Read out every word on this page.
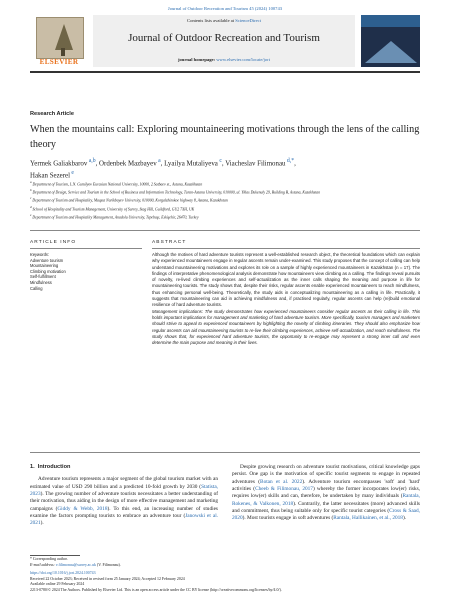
Journal of Outdoor Recreation and Tourism 45 (2024) 100743
ELSEVIER
Contents lists available at ScienceDirect
Journal of Outdoor Recreation and Tourism
journal homepage: www.elsevier.com/locate/jort
Research Article
When the mountains call: Exploring mountaineering motivations through the lens of the calling theory
Yermek Galiakbarov $^{a,b}$, Ordenbek Mazbayev $^a$, Lyailya Mutaliyeva $^c$, Viacheslav Filimonau $^{d,*}$,
Hakan Sezerel $^e$
$^a$ Department of Tourism, L.N. Gumilyov Eurasian National University, 10000, 2 Satbaev st., Astana, Kazakhstan
$^b$ Department of Design, Service and Tourism in the School of Business and Information Technology, Turan-Astana University, 010000, ul. Yklas Dukenuly 29, Building B, Astana, Kazakhstan
$^c$ Department of Tourism and Hospitality, Maqsut Narikbayev University, 010000, Korgalzhinskoe highway 8, Astana, Kazakhstan
$^d$ School of Hospitality and Tourism Management, University of Surrey, Stag Hill, Guildford, GU2 7XH, UK
$^e$ Department of Tourism and Hospitality Management, Anadolu University, Tepebaşı, Eskişehir, 26470, Turkey
ARTICLE INFO	ABSTRACT
Keywords:
Adventure tourism
Mountaineering
Climbing motivation
Self-fulfillment
Mindfulness
Calling

Although the motives of hard adventure tourists represent a well-established research object, the theoretical foundations which can explain why experienced mountaineers engage in regular ascents remain under-examined. This study proposes that the concept of calling can help understand mountaineering motivations and explores its role on a sample of highly experienced mountaineers in Kazakhstan (n = 17). The findings of interpretative phenomenological analysis demonstrate how mountaineers view climbing as a calling. The findings reveal pursuits of novelty, re-lived climbing experiences and self-actualization as the inner calls shaping the meaning and purpose in life for mountaineering tourists. The study shows that, despite their risks, regular ascents enable experienced mountaineers to reach mindfulness, thus enhancing personal well-being. Theoretically, the study aids in conceptualizing mountaineering as a calling in life. Practically, it suggests that mountaineering can aid in achieving mindfulness and, if practised regularly, regular ascents can help (re)build emotional resilience of hard adventure tourists.

Management implications: The study demonstrates how experienced mountaineers consider regular ascents as their calling in life. This holds important implications for management and marketing of hard adventure tourism. More specifically, tourism managers and marketers should strive to appeal to experienced mountaineers by highlighting the novelty of climbing itineraries. They should also emphasize how regular ascents can aid mountaineering tourists to re-live their climbing experiences, achieve self-actualization, and reach mindfulness. The study shows that, for experienced hard adventure tourists, the opportunity to re-engage may represent a strong inner call and even determine the main purpose and meaning in their lives.

1. Introduction

Adventure tourism represents a major segment of the global tourism market with an estimated value of USD 290 billion and a predicted 10-fold growth by 2030 (Statista, 2023). The growing number of adventure tourists necessitates a better understanding of their motivation, thus aiding in the design of more effective management and marketing campaigns (Giddy & Webb, 2018). To this end, an increasing number of studies examine the factors prompting tourists to embrace an adventure tour (Janowski et al. 2021).

Despite growing research on adventure tourist motivations, critical knowledge gaps persist. One gap is the motivation of specific tourist segments to engage in repeated adventures (Botan et al. 2022). Adventure tourism encompasses 'soft' and 'hard' activities (Cheeb & Filimonau, 2017) whereby the former incorporates low(er) risks, requires low(er) skills and can, therefore, be undertaken by many individuals (Rantala, Rokenes, & Valkonen, 2018). Contrarily, the latter necessitates (more) advanced skills and commitment, thus being suitable only for specific tourist categories (Cross & Saad, 2020). Most tourists engage in soft adventures (Rantala, Hallikainen, et al., 2018).

* Corresponding author.
E-mail address: v.filimonau@surrey.ac.uk (V. Filimonau).
https://doi.org/10.1016/j.jort.2024.100743
Received 22 October 2023; Received in revised form 25 January 2024; Accepted 12 February 2024
Available online 29 February 2024
2213-0780/© 2024 The Authors. Published by Elsevier Ltd. This is an open access article under the CC BY license (http://creativecommons.org/licenses/by/4.0/).
